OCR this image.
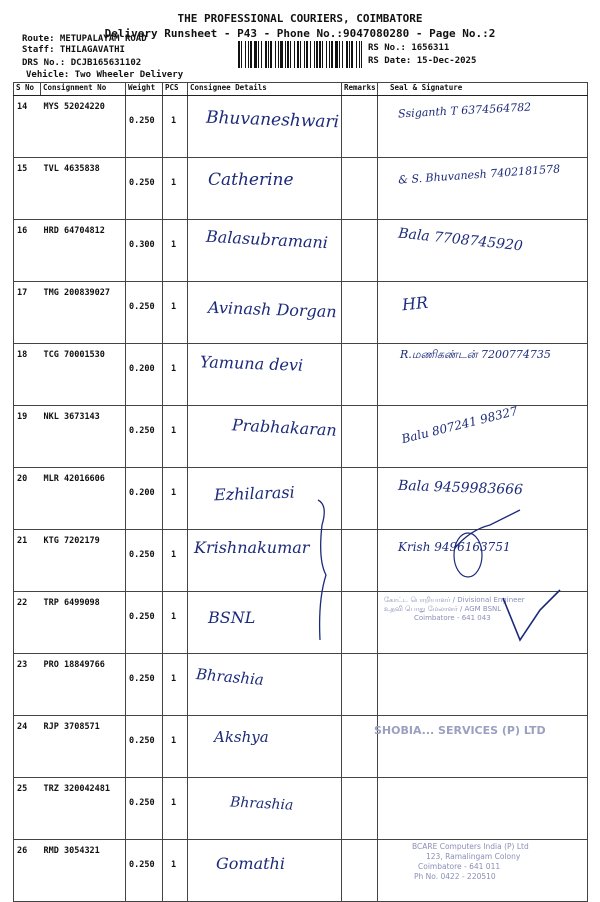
THE PROFESSIONAL COURIERS, COIMBATORE
Delivery Runsheet - P43 - Phone No.:9047080280 - Page No.:2
Route: METUPALAYAM ROAD
Staff: THILAGAVATHI
DRS No.: DCJB165631102
Vehicle: Two Wheeler Delivery
RS No.: 1656311
RS Date: 15-Dec-2025
S No	Consignment No	Weight	PCS	Consignee Details	Remarks	Seal & Signature
14	MYS 52024220	0.250	1	Bhuvaneshwari		Ssiganth T 6374564782

15	TVL 4635838	0.250	1	Catherine		& S. Bhuvanesh 7402181578

16	HRD 64704812	0.300	1	Balasubramani		Bala 7708745920

17	TMG 200839027	0.250	1	Avinash Dorgan		HR

18	TCG 70001530	0.200	1	Yamuna devi		R.மணிகண்டன் 7200774735

19	NKL 3673143	0.250	1	Prabhakaran		Balu 807241 98327

20	MLR 42016606	0.200	1	Ezhilarasi		Bala 9459983666

21	KTG 7202179	0.250	1	Krishnakumar		Krish 9496163751

22	TRP 6499098	0.250	1	BSNL		கோட்ட பொறியாளர் / Divisional Engineer
உதவி பொது மேலாளர் / AGM BSNL
Coimbatore - 641 043

23	PRO 18849766	0.250	1	Bhrashia		

24	RJP 3708571	0.250	1	Akshya		SHOBIA... SERVICES (P) LTD

25	TRZ 320042481	0.250	1	Bhrashia		

26	RMD 3054321	0.250	1	Gomathi		BCARE Computers India (P) Ltd
123, Ramalingam Colony
Coimbatore - 641 011
Ph No. 0422 - 220510
